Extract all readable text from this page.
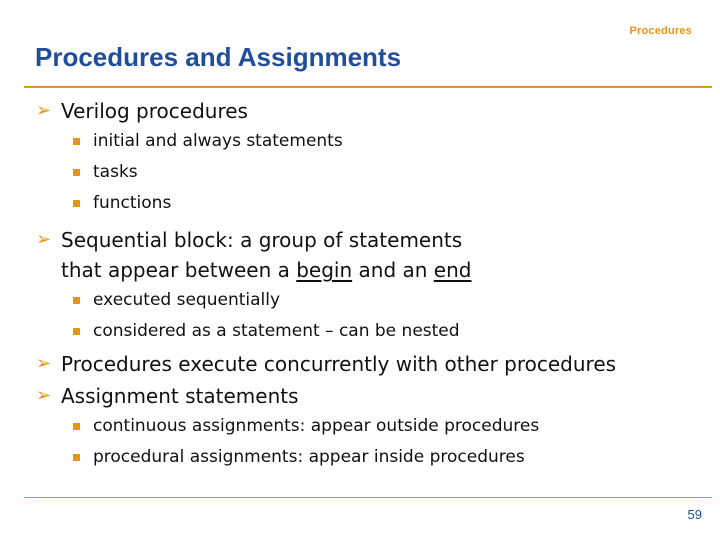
Procedures
Procedures and Assignments
➢ Verilog procedures
initial and always statements
tasks
functions
➢ Sequential block: a group of statements
that appear between a begin and an end
executed sequentially
considered as a statement – can be nested
➢ Procedures execute concurrently with other procedures
➢ Assignment statements
continuous assignments: appear outside procedures
procedural assignments: appear inside procedures
59
